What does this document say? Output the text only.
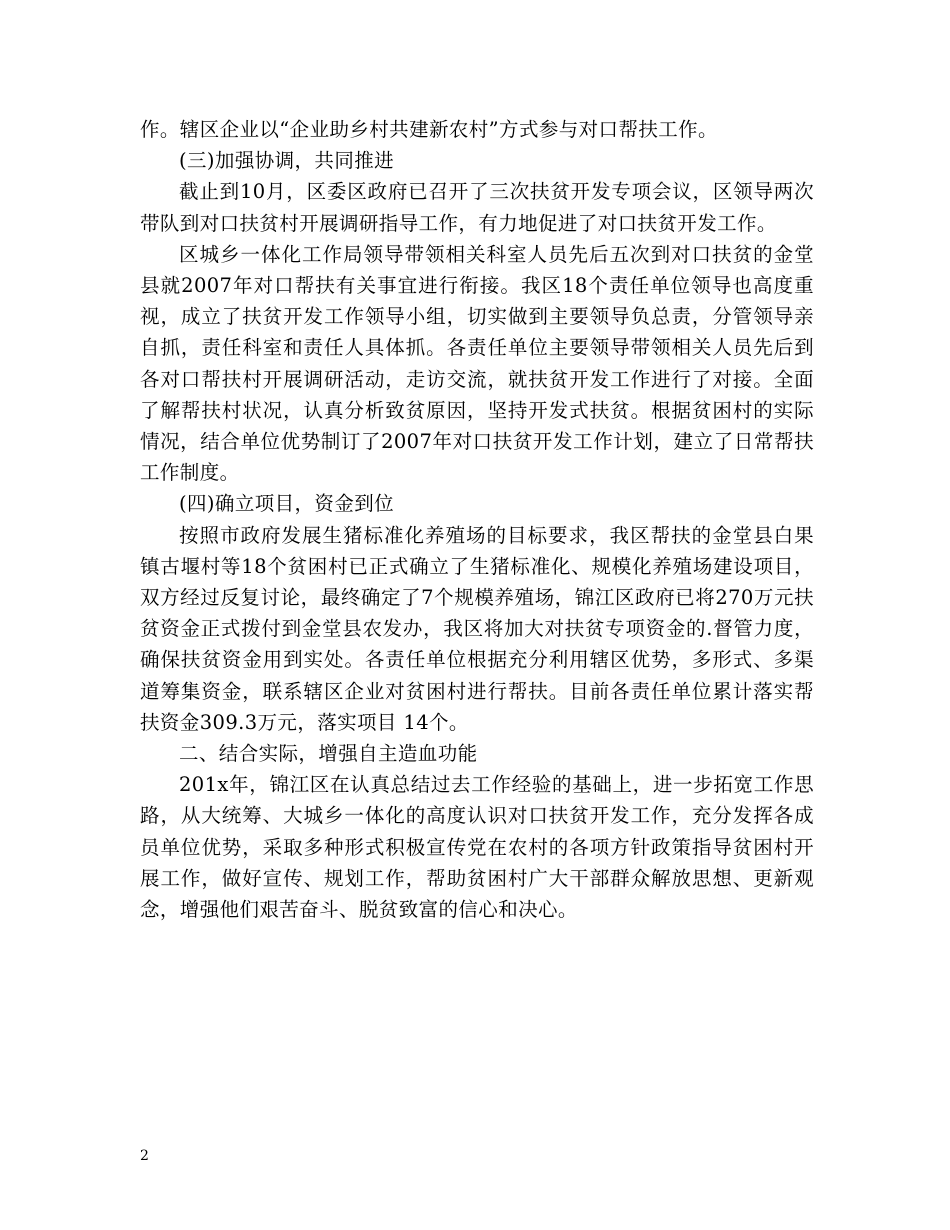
作。辖区企业以“企业助乡村共建新农村”方式参与对口帮扶工作。

(三)加强协调，共同推进

截止到10月，区委区政府已召开了三次扶贫开发专项会议，区领导两次带队到对口扶贫村开展调研指导工作，有力地促进了对口扶贫开发工作。

区城乡一体化工作局领导带领相关科室人员先后五次到对口扶贫的金堂县就2007年对口帮扶有关事宜进行衔接。我区18个责任单位领导也高度重视，成立了扶贫开发工作领导小组，切实做到主要领导负总责，分管领导亲自抓，责任科室和责任人具体抓。各责任单位主要领导带领相关人员先后到各对口帮扶村开展调研活动，走访交流，就扶贫开发工作进行了对接。全面了解帮扶村状况，认真分析致贫原因，坚持开发式扶贫。根据贫困村的实际情况，结合单位优势制订了2007年对口扶贫开发工作计划，建立了日常帮扶工作制度。

(四)确立项目，资金到位

按照市政府发展生猪标准化养殖场的目标要求，我区帮扶的金堂县白果镇古堰村等18个贫困村已正式确立了生猪标准化、规模化养殖场建设项目，双方经过反复讨论，最终确定了7个规模养殖场，锦江区政府已将270万元扶贫资金正式拨付到金堂县农发办，我区将加大对扶贫专项资金的.督管力度，确保扶贫资金用到实处。各责任单位根据充分利用辖区优势，多形式、多渠道筹集资金，联系辖区企业对贫困村进行帮扶。目前各责任单位累计落实帮扶资金309.3万元，落实项目 14个。

二、结合实际，增强自主造血功能

201x年，锦江区在认真总结过去工作经验的基础上，进一步拓宽工作思路，从大统筹、大城乡一体化的高度认识对口扶贫开发工作，充分发挥各成员单位优势，采取多种形式积极宣传党在农村的各项方针政策指导贫困村开展工作，做好宣传、规划工作，帮助贫困村广大干部群众解放思想、更新观念，增强他们艰苦奋斗、脱贫致富的信心和决心。

2
